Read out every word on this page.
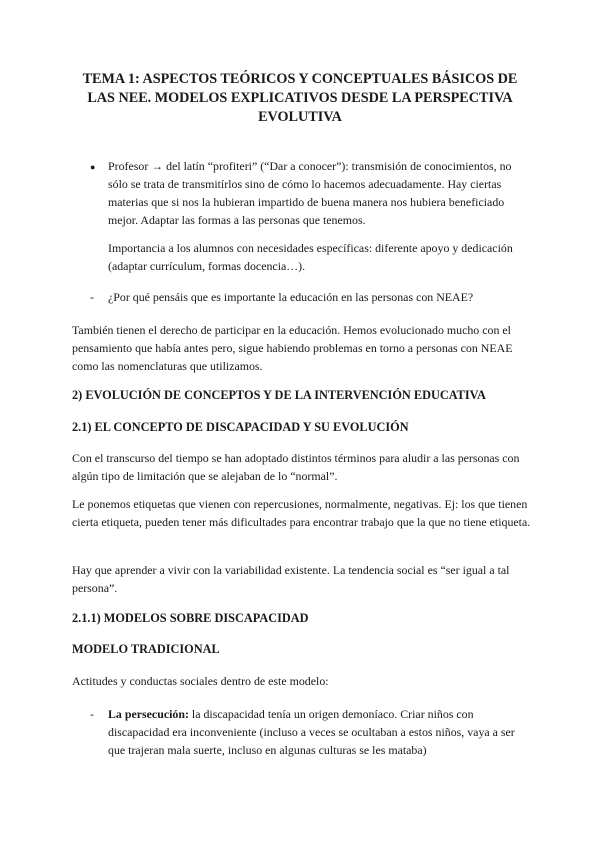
TEMA 1: ASPECTOS TEÓRICOS Y CONCEPTUALES BÁSICOS DE LAS NEE. MODELOS EXPLICATIVOS DESDE LA PERSPECTIVA EVOLUTIVA
● Profesor → del latín “profiteri” (“Dar a conocer”): transmisión de conocimientos, no sólo se trata de transmitírlos sino de cómo lo hacemos adecuadamente. Hay ciertas materias que si nos la hubieran impartido de buena manera nos hubiera beneficiado mejor. Adaptar las formas a las personas que tenemos.

Importancia a los alumnos con necesidades específicas: diferente apoyo y dedicación (adaptar currículum, formas docencia…).

- ¿Por qué pensáis que es importante la educación en las personas con NEAE?

También tienen el derecho de participar en la educación. Hemos evolucionado mucho con el pensamiento que había antes pero, sigue habiendo problemas en torno a personas con NEAE como las nomenclaturas que utilizamos.

2) EVOLUCIÓN DE CONCEPTOS Y DE LA INTERVENCIÓN EDUCATIVA
2.1) EL CONCEPTO DE DISCAPACIDAD Y SU EVOLUCIÓN

Con el transcurso del tiempo se han adoptado distintos términos para aludir a las personas con algún tipo de limitación que se alejaban de lo “normal”.

Le ponemos etiquetas que vienen con repercusiones, normalmente, negativas. Ej: los que tienen cierta etiqueta, pueden tener más dificultades para encontrar trabajo que la que no tiene etiqueta.

Hay que aprender a vivir con la variabilidad existente. La tendencia social es “ser igual a tal persona”.

2.1.1) MODELOS SOBRE DISCAPACIDAD
MODELO TRADICIONAL

Actitudes y conductas sociales dentro de este modelo:

- La persecución: la discapacidad tenía un origen demoníaco. Criar niños con discapacidad era inconveniente (incluso a veces se ocultaban a estos niños, vaya a ser que trajeran mala suerte, incluso en algunas culturas se les mataba)
